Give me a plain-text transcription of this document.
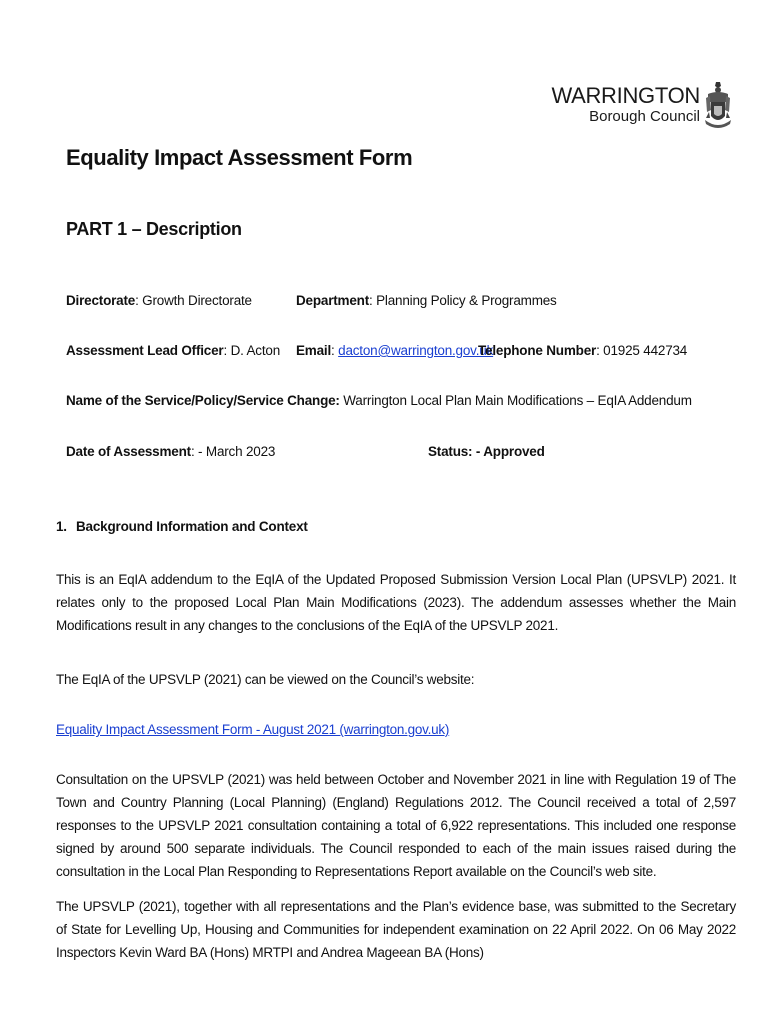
WARRINGTON
Borough Council
Equality Impact Assessment Form
PART 1 – Description
Directorate: Growth Directorate	Department: Planning Policy & Programmes
Assessment Lead Officer: D. Acton Email: dacton@warrington.gov.uk
Telephone Number: 01925 442734
Name of the Service/Policy/Service Change: Warrington Local Plan Main Modifications – EqIA Addendum
Date of Assessment: - March 2023	Status: - Approved
1. Background Information and Context
This is an EqIA addendum to the EqIA of the Updated Proposed Submission Version Local Plan (UPSVLP) 2021. It relates only to the proposed Local Plan Main Modifications (2023). The addendum assesses whether the Main Modifications result in any changes to the conclusions of the EqIA of the UPSVLP 2021.
The EqIA of the UPSVLP (2021) can be viewed on the Council’s website:
Equality Impact Assessment Form - August 2021 (warrington.gov.uk)
Consultation on the UPSVLP (2021) was held between October and November 2021 in line with Regulation 19 of The Town and Country Planning (Local Planning) (England) Regulations 2012. The Council received a total of 2,597 responses to the UPSVLP 2021 consultation containing a total of 6,922 representations. This included one response signed by around 500 separate individuals. The Council responded to each of the main issues raised during the consultation in the Local Plan Responding to Representations Report available on the Council’s web site.
The UPSVLP (2021), together with all representations and the Plan’s evidence base, was submitted to the Secretary of State for Levelling Up, Housing and Communities for independent examination on 22 April 2022. On 06 May 2022 Inspectors Kevin Ward BA (Hons) MRTPI and Andrea Mageean BA (Hons)
